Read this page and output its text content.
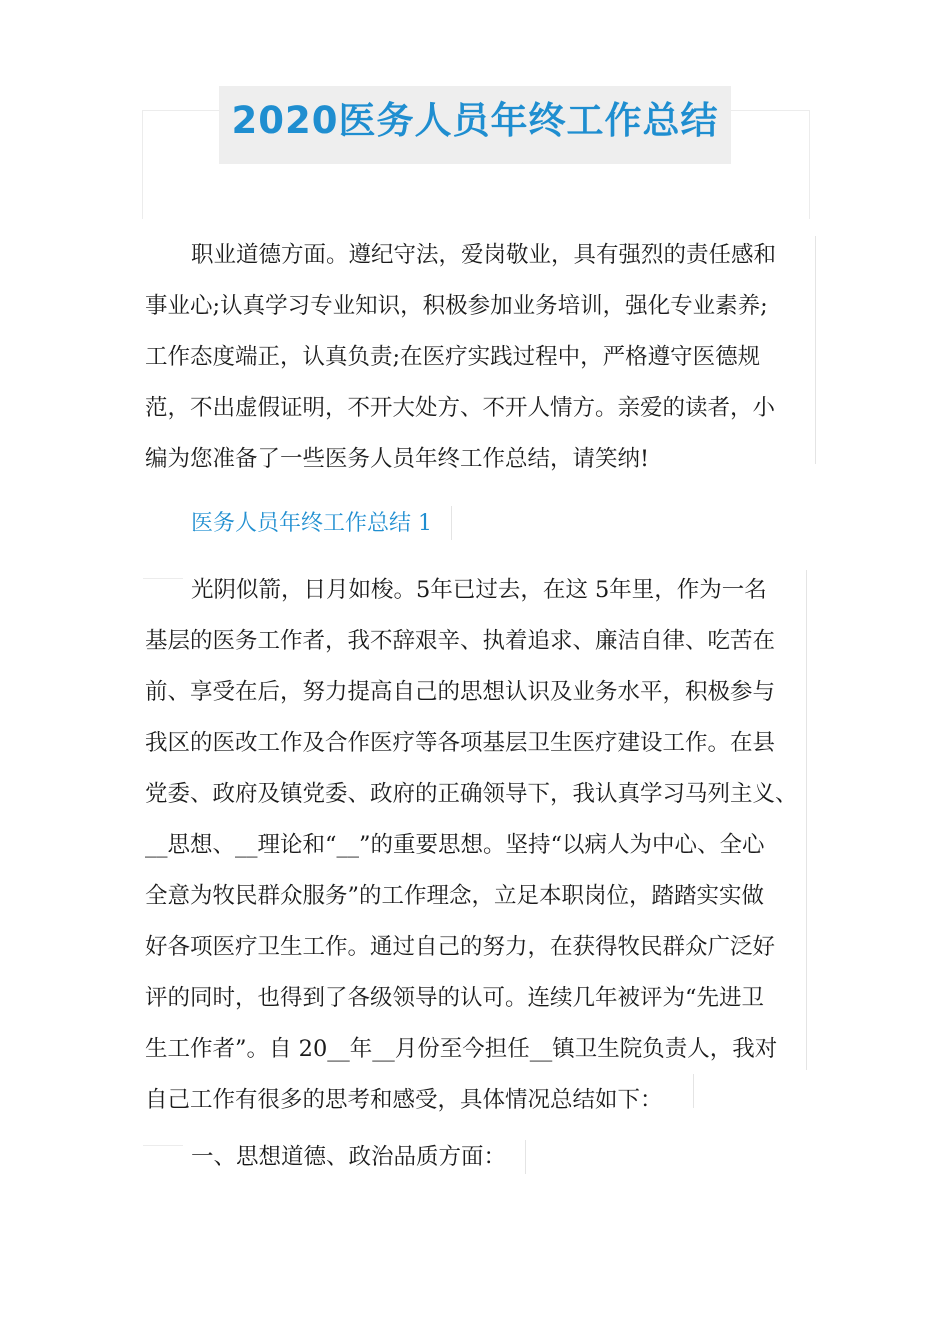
2020医务人员年终工作总结

职业道德方面。遵纪守法，爱岗敬业，具有强烈的责任感和
事业心;认真学习专业知识，积极参加业务培训，强化专业素养;
工作态度端正，认真负责;在医疗实践过程中，严格遵守医德规
范，不出虚假证明，不开大处方、不开人情方。亲爱的读者，小
编为您准备了一些医务人员年终工作总结，请笑纳!

医务人员年终工作总结 1

光阴似箭，日月如梭。5年已过去，在这 5年里，作为一名
基层的医务工作者，我不辞艰辛、执着追求、廉洁自律、吃苦在
前、享受在后，努力提高自己的思想认识及业务水平，积极参与
我区的医改工作及合作医疗等各项基层卫生医疗建设工作。在县
党委、政府及镇党委、政府的正确领导下，我认真学习马列主义、
__思想、__理论和“__”的重要思想。坚持“以病人为中心、全心
全意为牧民群众服务”的工作理念，立足本职岗位，踏踏实实做
好各项医疗卫生工作。通过自己的努力，在获得牧民群众广泛好
评的同时，也得到了各级领导的认可。连续几年被评为“先进卫
生工作者”。自 20__年__月份至今担任__镇卫生院负责人，我对
自己工作有很多的思考和感受，具体情况总结如下：

一、思想道德、政治品质方面：
